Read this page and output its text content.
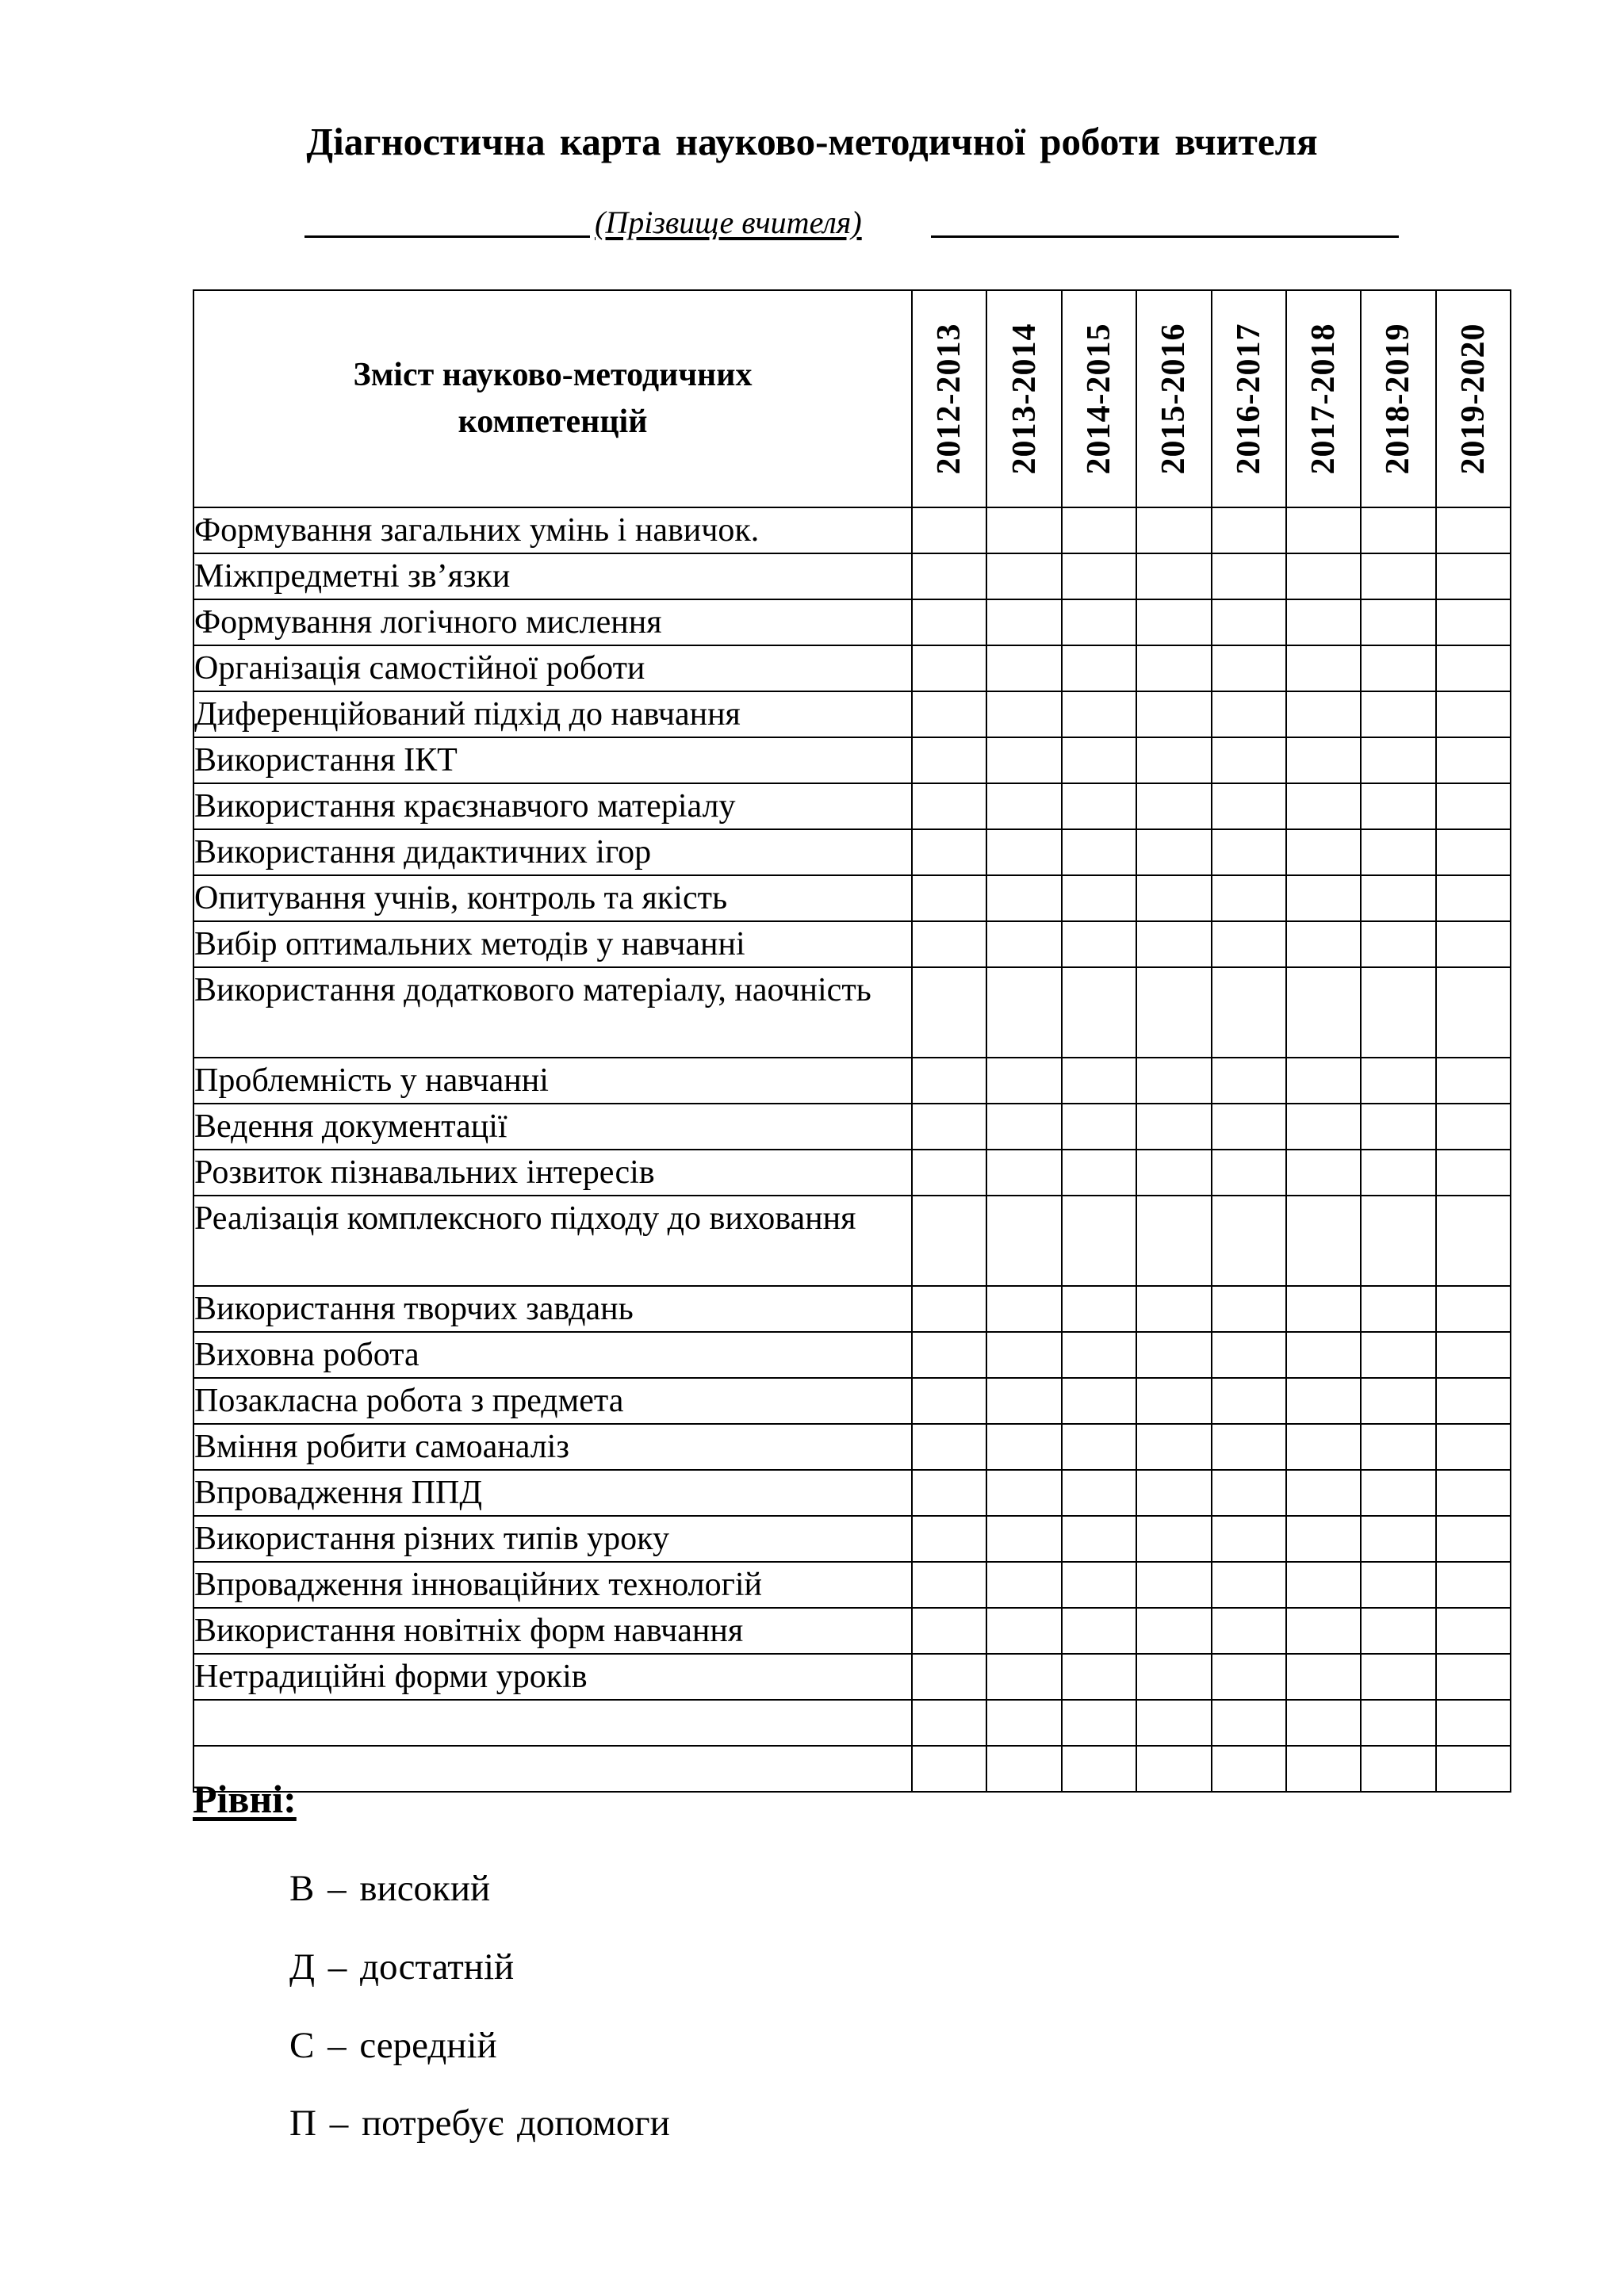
Діагностична карта науково-методичної роботи вчителя
(Прізвище вчителя)
Зміст науково-методичних компетенцій	2012-2013	2013-2014	2014-2015	2015-2016	2016-2017	2017-2018	2018-2019	2019-2020

Формування загальних умінь і навичок.								
Міжпредметні зв’язки								
Формування логічного мислення								
Організація самостійної роботи								
Диференційований підхід до навчання								
Використання ІКТ								
Використання краєзнавчого матеріалу								
Використання дидактичних ігор								
Опитування учнів, контроль та якість								
Вибір оптимальних методів у навчанні								
Використання додаткового матеріалу, наочність								
Проблемність у навчанні								
Ведення документації								
Розвиток пізнавальних інтересів								
Реалізація комплексного підходу до виховання								
Використання творчих завдань								
Виховна робота								
Позакласна робота з предмета								
Вміння робити самоаналіз								
Впровадження ППД								
Використання різних типів уроку								
Впровадження інноваційних технологій								
Використання новітніх форм навчання								
Нетрадиційні форми уроків								

Рівні:
В – високий
Д – достатній
С – середній
П – потребує допомоги
